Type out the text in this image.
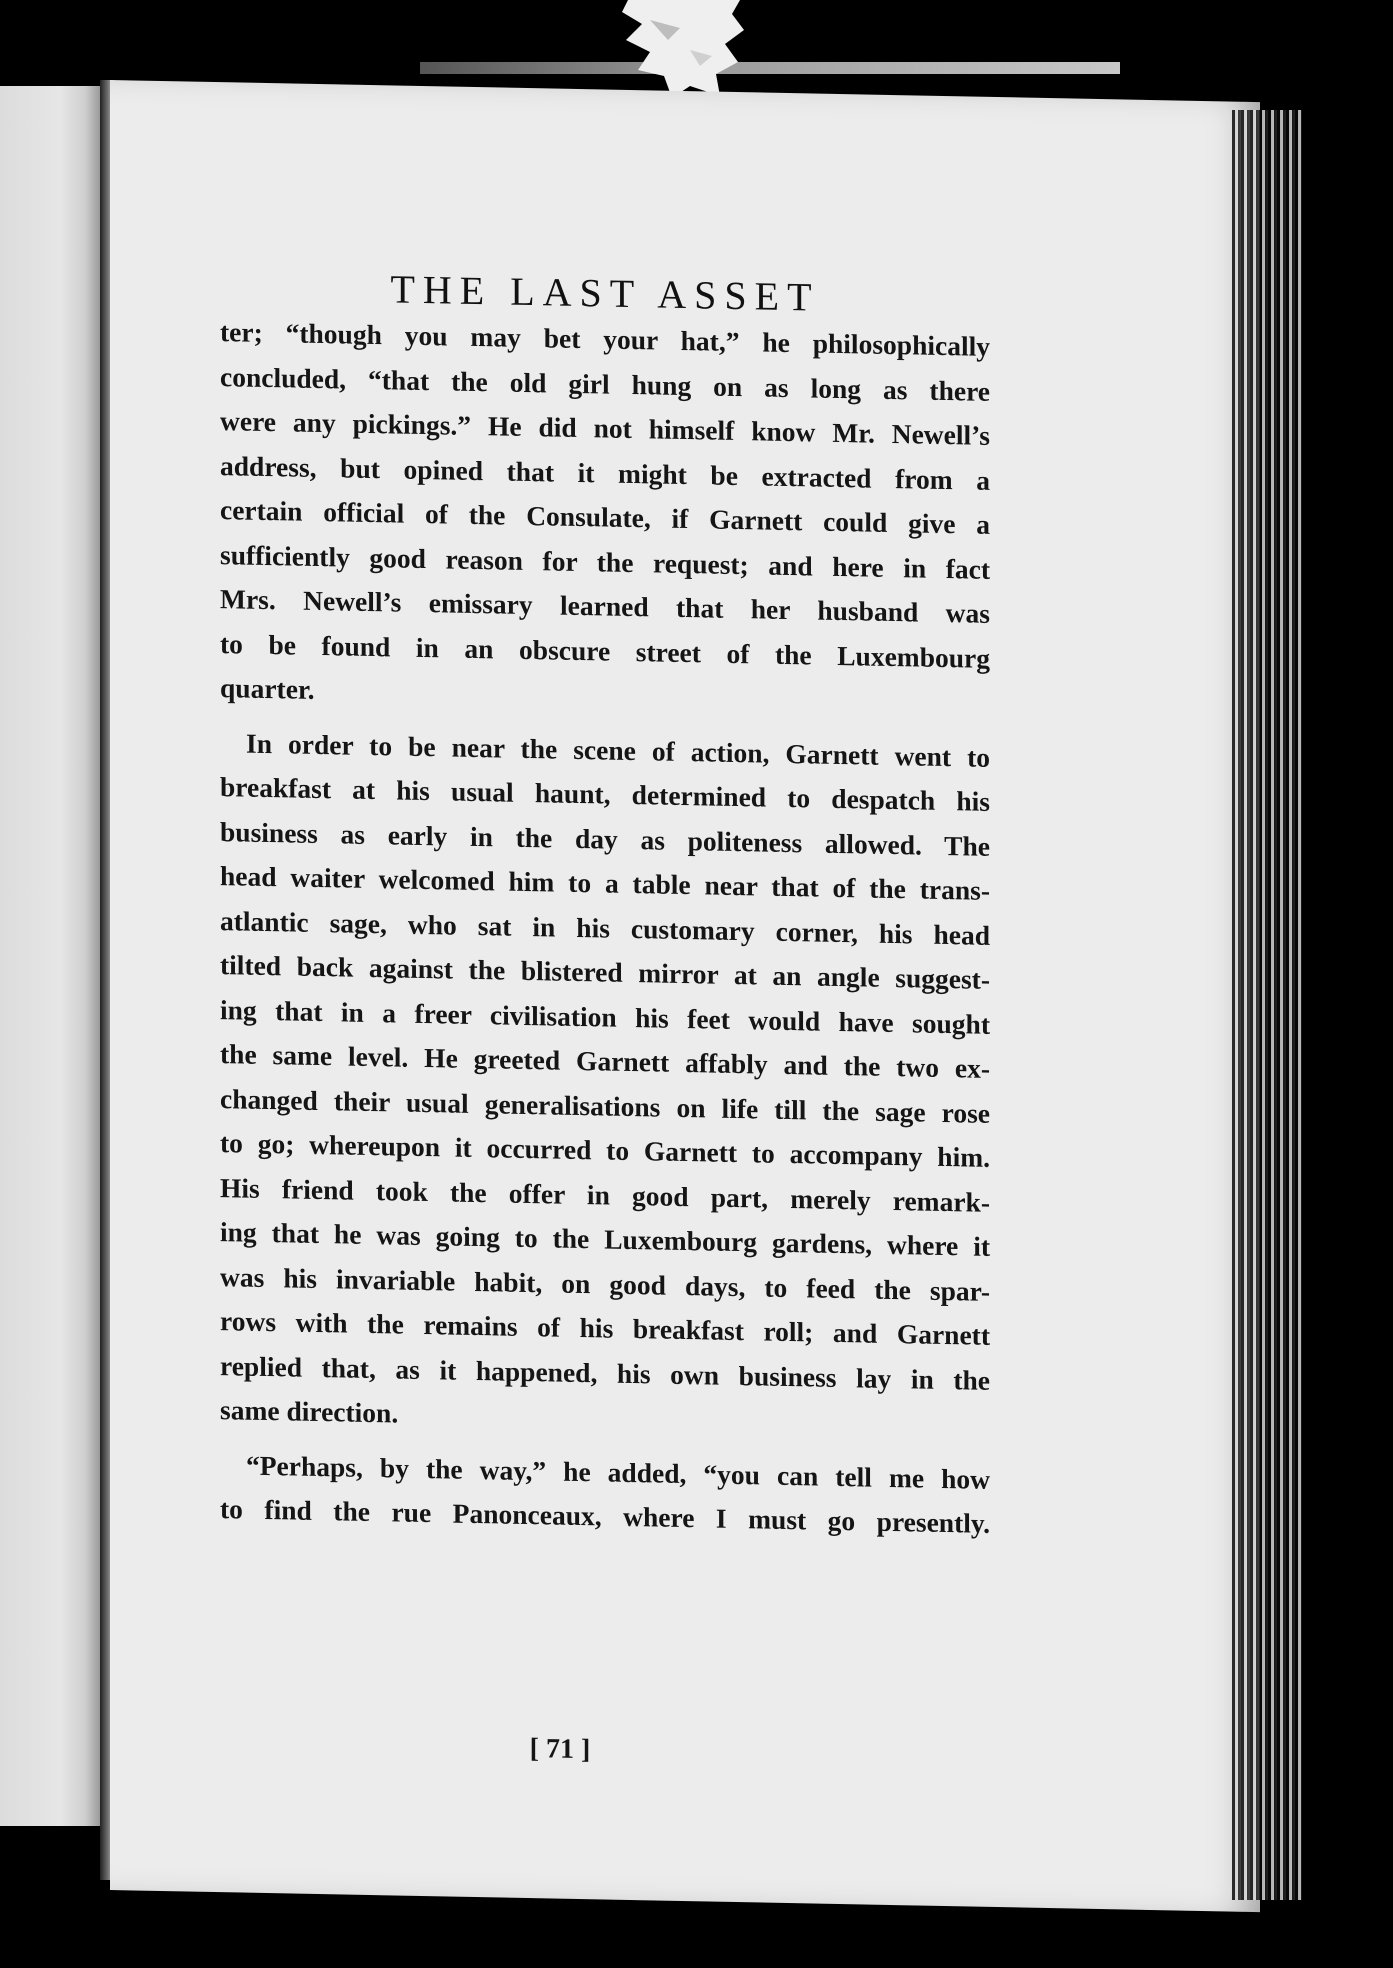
THE LAST ASSET
ter; “though you may bet your hat,” he philosophically
concluded, “that the old girl hung on as long as there
were any pickings.” He did not himself know Mr. Newell’s
address, but opined that it might be extracted from a
certain official of the Consulate, if Garnett could give a
sufficiently good reason for the request; and here in fact
Mrs. Newell’s emissary learned that her husband was
to be found in an obscure street of the Luxembourg
quarter.
In order to be near the scene of action, Garnett went to
breakfast at his usual haunt, determined to despatch his
business as early in the day as politeness allowed. The
head waiter welcomed him to a table near that of the trans-
atlantic sage, who sat in his customary corner, his head
tilted back against the blistered mirror at an angle suggest-
ing that in a freer civilisation his feet would have sought
the same level. He greeted Garnett affably and the two ex-
changed their usual generalisations on life till the sage rose
to go; whereupon it occurred to Garnett to accompany him.
His friend took the offer in good part, merely remark-
ing that he was going to the Luxembourg gardens, where it
was his invariable habit, on good days, to feed the spar-
rows with the remains of his breakfast roll; and Garnett
replied that, as it happened, his own business lay in the
same direction.
“Perhaps, by the way,” he added, “you can tell me how
to find the rue Panonceaux, where I must go presently.
[ 71 ]
